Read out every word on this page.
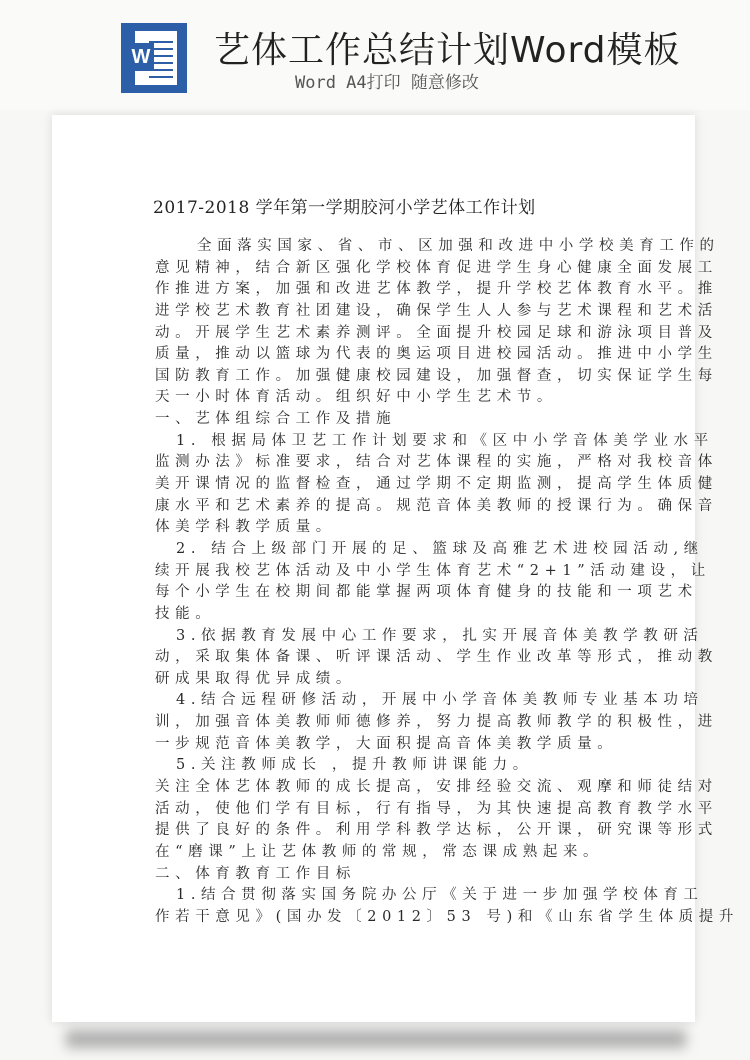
W 艺体工作总结计划Word模板
Word A4打印 随意修改
2017-2018 学年第一学期胶河小学艺体工作计划
全面落实国家、省、市、区加强和改进中小学校美育工作的
意见精神，结合新区强化学校体育促进学生身心健康全面发展工
作推进方案，加强和改进艺体教学，提升学校艺体教育水平。推
进学校艺术教育社团建设，确保学生人人参与艺术课程和艺术活
动。开展学生艺术素养测评。全面提升校园足球和游泳项目普及
质量，推动以篮球为代表的奥运项目进校园活动。推进中小学生
国防教育工作。加强健康校园建设，加强督查，切实保证学生每
天一小时体育活动。组织好中小学生艺术节。
一、艺体组综合工作及措施
1. 根据局体卫艺工作计划要求和《区中小学音体美学业水平
监测办法》标准要求，结合对艺体课程的实施，严格对我校音体
美开课情况的监督检查，通过学期不定期监测，提高学生体质健
康水平和艺术素养的提高。规范音体美教师的授课行为。确保音
体美学科教学质量。
2. 结合上级部门开展的足、篮球及高雅艺术进校园活动,继
续开展我校艺体活动及中小学生体育艺术“2+1”活动建设，让
每个小学生在校期间都能掌握两项体育健身的技能和一项艺术
技能。
3.依据教育发展中心工作要求，扎实开展音体美教学教研活
动，采取集体备课、听评课活动、学生作业改革等形式，推动教
研成果取得优异成绩。
4.结合远程研修活动，开展中小学音体美教师专业基本功培
训，加强音体美教师师德修养，努力提高教师教学的积极性，进
一步规范音体美教学，大面积提高音体美教学质量。
5.关注教师成长 ，提升教师讲课能力。
关注全体艺体教师的成长提高，安排经验交流、观摩和师徒结对
活动，使他们学有目标，行有指导，为其快速提高教育教学水平
提供了良好的条件。利用学科教学达标，公开课，研究课等形式
在“磨课”上让艺体教师的常规，常态课成熟起来。
二、体育教育工作目标
1.结合贯彻落实国务院办公厅《关于进一步加强学校体育工
作若干意见》(国办发〔2012〕53 号)和《山东省学生体质提升
